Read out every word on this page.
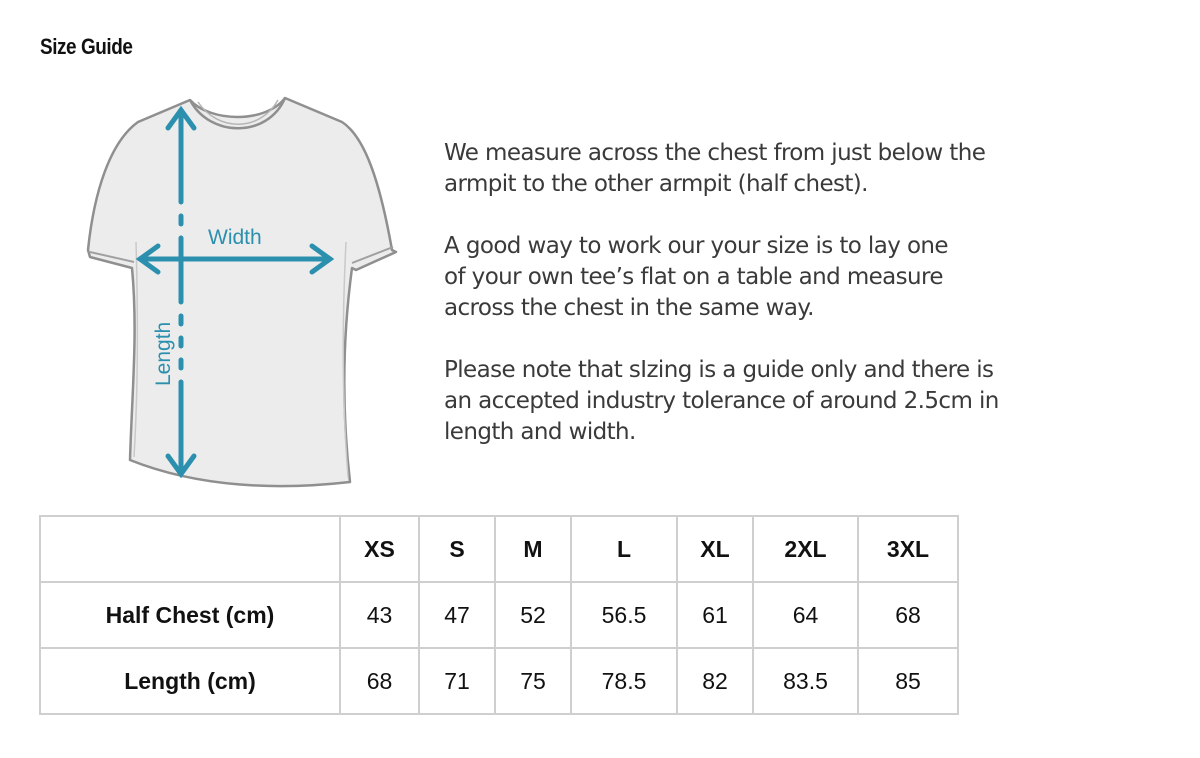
Size Guide
Width
Length

We measure across the chest from just below the
armpit to the other armpit (half chest).

A good way to work our your size is to lay one
of your own tee’s flat on a table and measure
across the chest in the same way.

Please note that sIzing is a guide only and there is
an accepted industry tolerance of around 2.5cm in
length and width.

	XS	S	M	L	XL	2XL	3XL
Half Chest (cm)	43	47	52	56.5	61	64	68
Length (cm)	68	71	75	78.5	82	83.5	85
